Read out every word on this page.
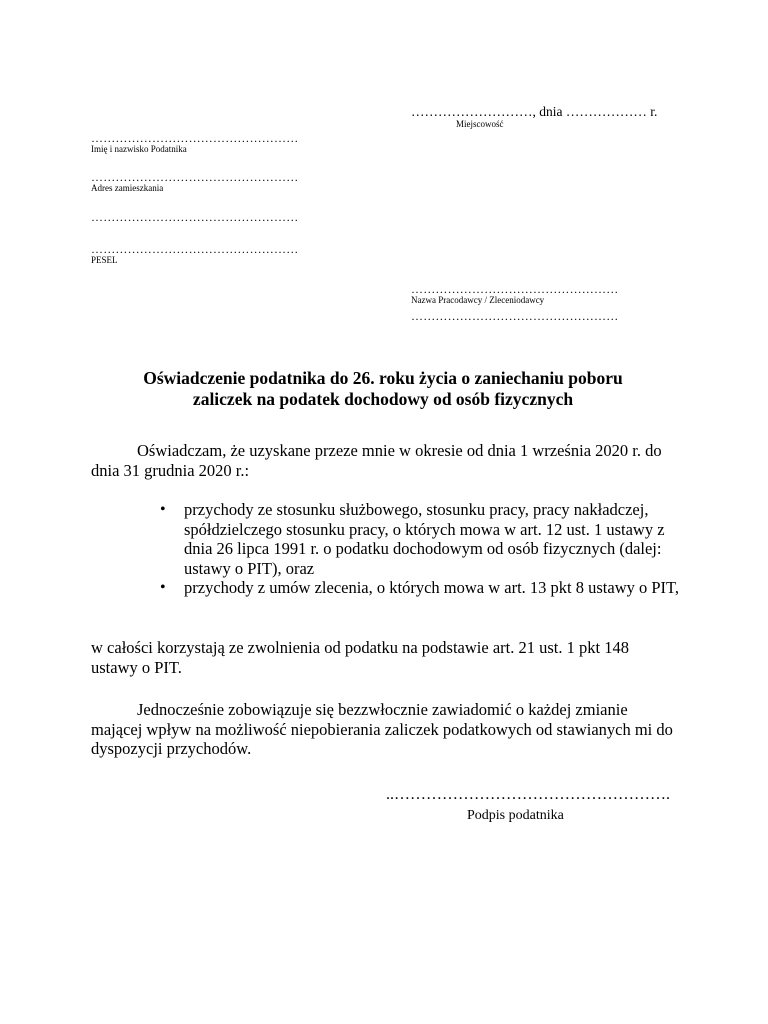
………………………, dnia ……………… r.
Miejscowość
……………………………………………
Imię i nazwisko Podatnika
……………………………………………
Adres zamieszkania
……………………………………………
……………………………………………
PESEL
……………………………………………
Nazwa Pracodawcy / Zleceniodawcy
……………………………………………
Oświadczenie podatnika do 26. roku życia o zaniechaniu poboru
zaliczek na podatek dochodowy od osób fizycznych
Oświadczam, że uzyskane przeze mnie w okresie od dnia 1 września 2020 r. do dnia 31 grudnia 2020 r.:
• przychody ze stosunku służbowego, stosunku pracy, pracy nakładczej, spółdzielczego stosunku pracy, o których mowa w art. 12 ust. 1 ustawy z dnia 26 lipca 1991 r. o podatku dochodowym od osób fizycznych (dalej: ustawy o PIT), oraz
• przychody z umów zlecenia, o których mowa w art. 13 pkt 8 ustawy o PIT,
w całości korzystają ze zwolnienia od podatku na podstawie art. 21 ust. 1 pkt 148 ustawy o PIT.
Jednocześnie zobowiązuje się bezzwłocznie zawiadomić o każdej zmianie mającej wpływ na możliwość niepobierania zaliczek podatkowych od stawianych mi do dyspozycji przychodów.
..…………………………………………….
Podpis podatnika
